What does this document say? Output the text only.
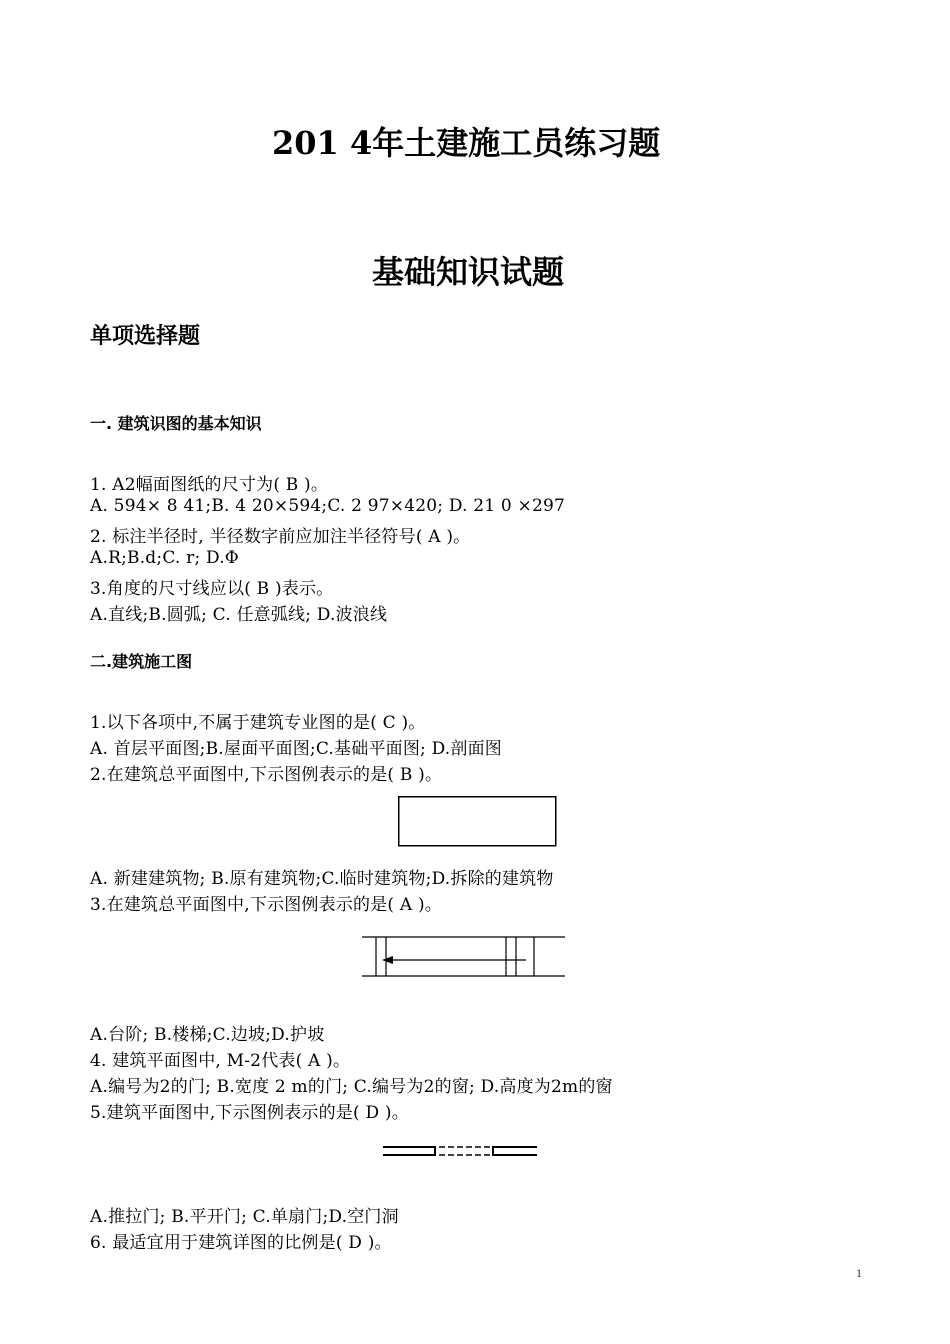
201 4年土建施工员练习题
基础知识试题
单项选择题
一. 建筑识图的基本知识
1. A2幅面图纸的尺寸为( B )。
A. 594× 8 41;B. 4 20×594;C. 2 97×420; D. 21 0 ×297
2. 标注半径时, 半径数字前应加注半径符号( A )。
A.R;B.d;C. r; D.Φ
3.角度的尺寸线应以( B )表示。
A.直线;B.圆弧; C. 任意弧线; D.波浪线
二.建筑施工图
1.以下各项中,不属于建筑专业图的是( C )。
A. 首层平面图;B.屋面平面图;C.基础平面图; D.剖面图
2.在建筑总平面图中,下示图例表示的是( B )。
A. 新建建筑物; B.原有建筑物;C.临时建筑物;D.拆除的建筑物
3.在建筑总平面图中,下示图例表示的是( A )。
A.台阶; B.楼梯;C.边坡;D.护坡
4. 建筑平面图中, M-2代表( A )。
A.编号为2的门; B.宽度 2 m的门; C.编号为2的窗; D.高度为2m的窗
5.建筑平面图中,下示图例表示的是( D )。
A.推拉门; B.平开门; C.单扇门;D.空门洞
6. 最适宜用于建筑详图的比例是( D )。
1
